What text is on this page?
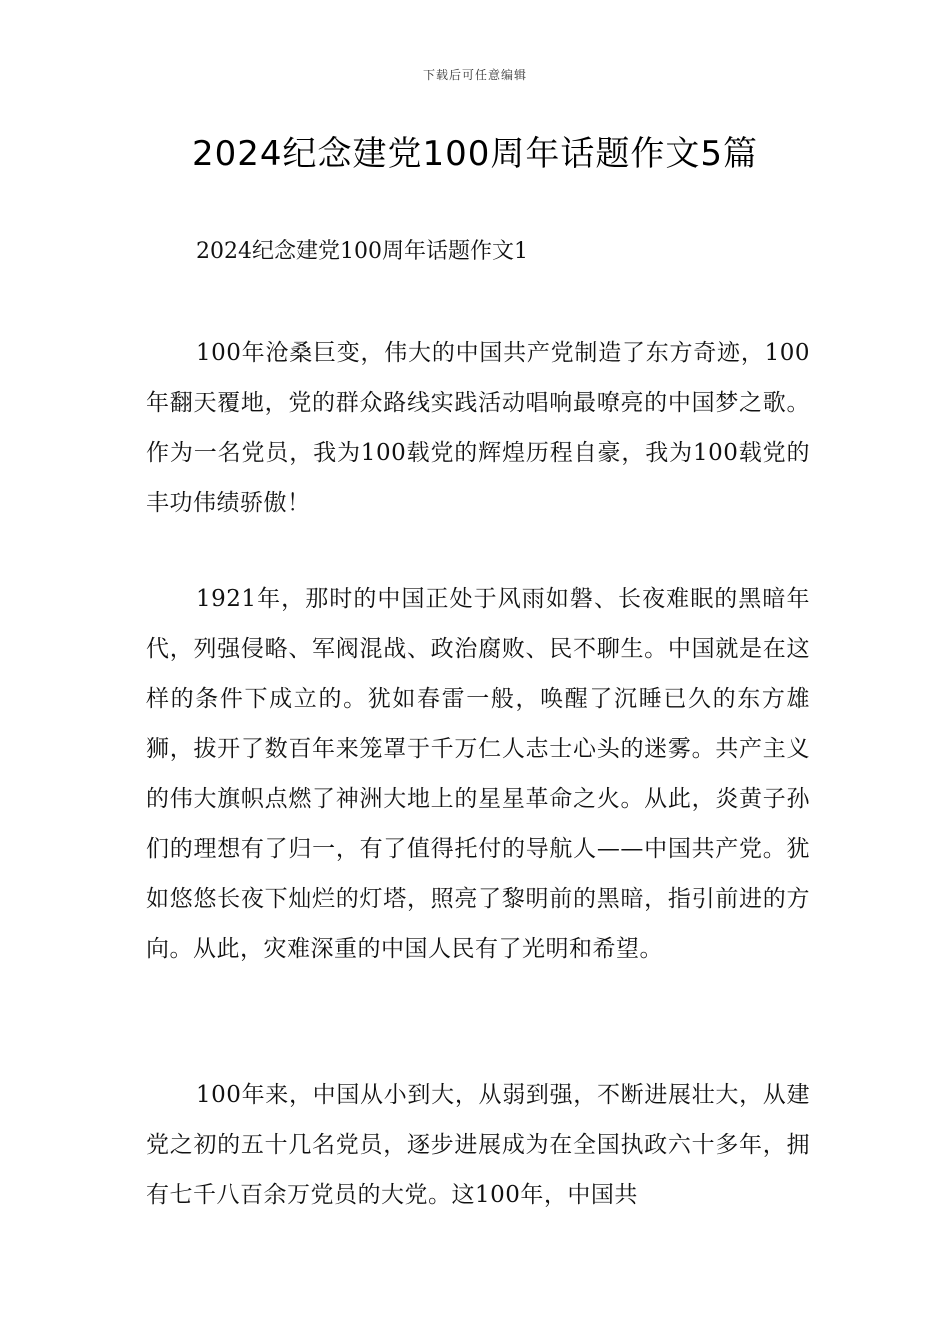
下载后可任意编辑
2024纪念建党100周年话题作文5篇
2024纪念建党100周年话题作文1

100年沧桑巨变，伟大的中国共产党制造了东方奇迹，100年翻天覆地，党的群众路线实践活动唱响最嘹亮的中国梦之歌。作为一名党员，我为100载党的辉煌历程自豪，我为100载党的丰功伟绩骄傲！

1921年，那时的中国正处于风雨如磐、长夜难眠的黑暗年代，列强侵略、军阀混战、政治腐败、民不聊生。中国就是在这样的条件下成立的。犹如春雷一般，唤醒了沉睡已久的东方雄狮，拔开了数百年来笼罩于千万仁人志士心头的迷雾。共产主义的伟大旗帜点燃了神洲大地上的星星革命之火。从此，炎黄子孙们的理想有了归一，有了值得托付的导航人——中国共产党。犹如悠悠长夜下灿烂的灯塔，照亮了黎明前的黑暗，指引前进的方向。从此，灾难深重的中国人民有了光明和希望。

100年来，中国从小到大，从弱到强，不断进展壮大，从建党之初的五十几名党员，逐步进展成为在全国执政六十多年，拥有七千八百余万党员的大党。这100年，中国共
